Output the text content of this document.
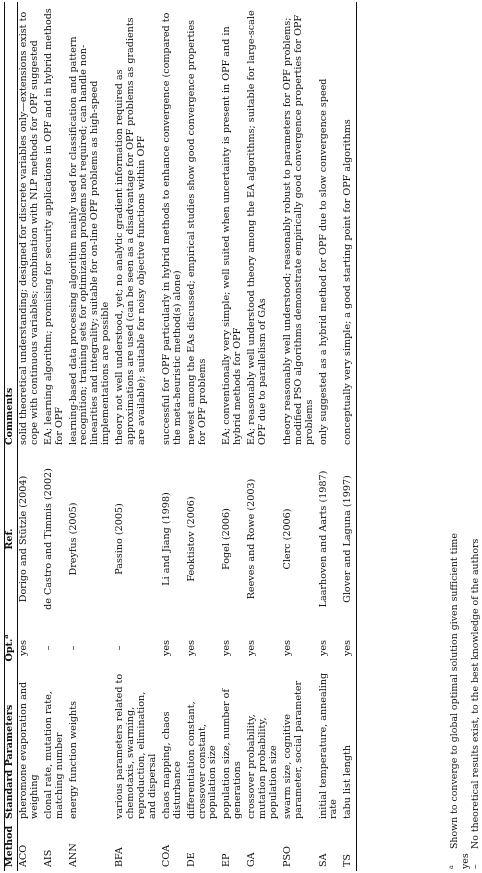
Method	Standard Parameters	Opt.$^a$	Ref.	Comments
ACO	pheromone evaporation and weighing	yes	Dorigo and Stützle (2004)	solid theoretical understanding; designed for discrete variables only—extensions exist to cope with continuous variables; combination with NLP methods for OPF suggested
AIS	clonal rate, mutation rate, matching number	–	de Castro and Timmis (2002)	EA; learning algorithm; promising for security applications in OPF and in hybrid methods for OPF
ANN	energy function weights	–	Dreyfus (2005)	learning-based data processing algorithm mainly used for classification and pattern recognition; training sets for optimization problems not required; can handle non-linearities and integrality; suitable for on-line OPF problems as high-speed implementations are possible
BFA	various parameters related to chemotaxis, swarming, reproduction, elimination, and dispersal	–	Passino (2005)	theory not well understood, yet; no analytic gradient information required as approximations are used (can be seen as a disadvantage for OPF problems as gradients are available); suitable for noisy objective functions within OPF
COA	chaos mapping, chaos disturbance	yes	Li and Jiang (1998)	successful for OPF particularly in hybrid methods to enhance convergence (compared to the meta-heuristic method(s) alone)
DE	differentiation constant, crossover constant, population size	yes	Feoktistov (2006)	newest among the EAs discussed; empirical studies show good convergence properties for OPF problems
EP	population size, number of generations	yes	Fogel (2006)	EA; conventionally very simple; well suited when uncertainty is present in OPF and in hybrid methods for OPF
GA	crossover probability, mutation probability, population size	yes	Reeves and Rowe (2003)	EA; reasonably well understood theory among the EA algorithms; suitable for large-scale OPF due to parallelism of GAs
PSO	swarm size, cognitive parameter, social parameter	yes	Clerc (2006)	theory reasonably well understood; reasonably robust to parameters for OPF problems; modified PSO algorithms demonstrate empirically good convergence properties for OPF problems
SA	initial temperature, annealing rate	yes	Laarhoven and Aarts (1987)	only suggested as a hybrid method for OPF due to slow convergence speed
TS	tabu list length	yes	Glover and Laguna (1997)	conceptually very simple; a good starting point for OPF algorithms
$^a$ yes
Shown to converge to global optimal solution given sufficient time
–
No theoretical results exist, to the best knowledge of the authors
